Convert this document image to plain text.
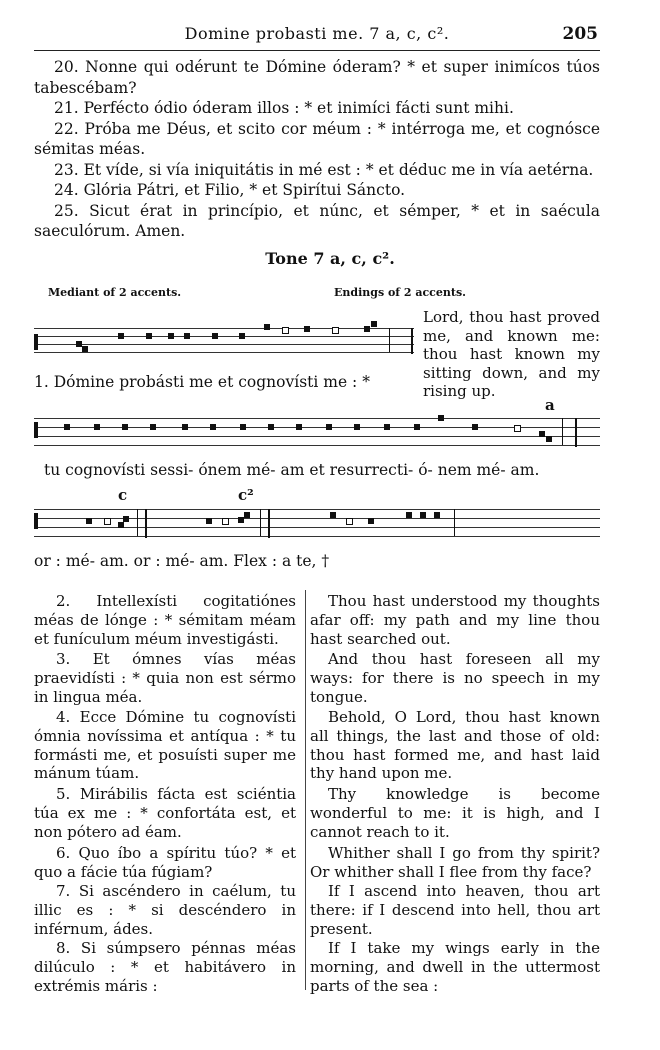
Domine probasti me. 7 a, c, c².	205
20. Nonne qui odérunt te Dómine óderam? * et super inimícos túos tabescébam?
21. Perfécto ódio óderam illos : * et inimíci fácti sunt mihi.
22. Próba me Déus, et scito cor méum : * intérroga me, et cognósce sémitas méas.
23. Et víde, si vía iniquitátis in mé est : * et déduc me in vía aetérna.
24. Glória Pátri, et Filio, * et Spirítui Sáncto.
25. Sicut érat in princípio, et núnc, et sémper, * et in saécula saeculórum. Amen.
Tone 7 a, c, c².
Mediant of 2 accents.	Endings of 2 accents.
Lord, thou hast proved me, and known me: thou hast known my sitting down, and my rising up.
1. Dómine probásti me et cognovísti me : *
a
tu cognovísti sessi- ónem mé- am et resurrecti- ó- nem mé- am.
c	c²
or : mé- am. or : mé- am. Flex : a te, †
2. Intellexísti cogitatiónes méas de lónge : * sémitam méam et funículum méum investigásti.
3. Et ómnes vías méas praevidísti : * quia non est sérmo in lingua méa.
4. Ecce Dómine tu cognovísti ómnia novíssima et antíqua : * tu formásti me, et posuísti super me mánum túam.
5. Mirábilis fácta est sciéntia túa ex me : * confortáta est, et non pótero ad éam.
6. Quo íbo a spíritu túo? * et quo a fácie túa fúgiam?
7. Si ascéndero in caélum, tu illic es : * si descéndero in inférnum, ádes.
8. Si súmpsero pénnas méas dilúculo : * et habitávero in extrémis máris :
Thou hast understood my thoughts afar off: my path and my line thou hast searched out.
And thou hast foreseen all my ways: for there is no speech in my tongue.
Behold, O Lord, thou hast known all things, the last and those of old: thou hast formed me, and hast laid thy hand upon me.
Thy knowledge is become wonderful to me: it is high, and I cannot reach to it.
Whither shall I go from thy spirit? Or whither shall I flee from thy face?
If I ascend into heaven, thou art there: if I descend into hell, thou art present.
If I take my wings early in the morning, and dwell in the uttermost parts of the sea :
